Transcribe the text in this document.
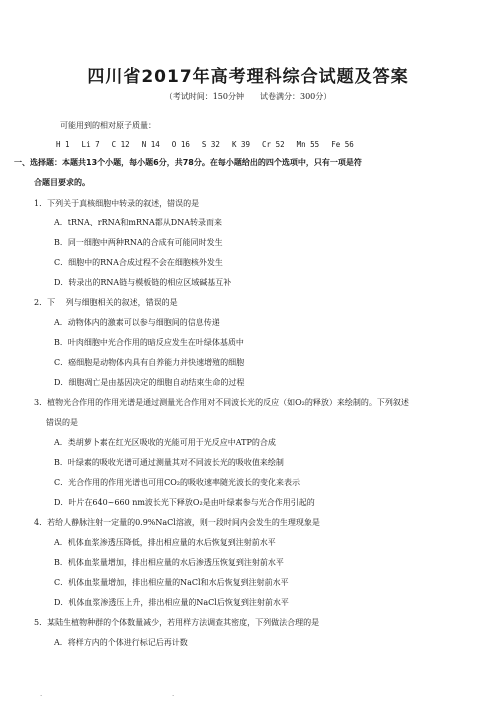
四川省2017年高考理科综合试题及答案
（考试时间：150分钟　　试卷满分：300分）
可能用到的相对原子质量：
H 1　 Li 7　 C 12　 N 14　 O 16　 S 32　 K 39　 Cr 52　 Mn 55　 Fe 56
一、选择题：本题共13个小题，每小题6分，共78分。在每小题给出的四个选项中，只有一项是符
合题目要求的。
1．下列关于真核细胞中转录的叙述，错误的是
A．tRNA、rRNA和mRNA都从DNA转录而来
B．同一细胞中两种RNA的合成有可能同时发生
C．细胞中的RNA合成过程不会在细胞核外发生
D．转录出的RNA链与模板链的相应区域碱基互补
2．下　 列与细胞相关的叙述，错误的是
A．动物体内的激素可以参与细胞间的信息传递
B．叶肉细胞中光合作用的暗反应发生在叶绿体基质中
C．癌细胞是动物体内具有自养能力并快速增殖的细胞
D．细胞凋亡是由基因决定的细胞自动结束生命的过程
3．植物光合作用的作用光谱是通过测量光合作用对不同波长光的反应（如O₂的释放）来绘制的。下列叙述
错误的是
A．类胡萝卜素在红光区吸收的光能可用于光反应中ATP的合成
B．叶绿素的吸收光谱可通过测量其对不同波长光的吸收值来绘制
C．光合作用的作用光谱也可用CO₂的吸收速率随光波长的变化来表示
D．叶片在640~660 nm波长光下释放O₂是由叶绿素参与光合作用引起的
4．若给人静脉注射一定量的0.9%NaCl溶液，则一段时间内会发生的生理现象是
A．机体血浆渗透压降低，排出相应量的水后恢复到注射前水平
B．机体血浆量增加，排出相应量的水后渗透压恢复到注射前水平
C．机体血浆量增加，排出相应量的NaCl和水后恢复到注射前水平
D．机体血浆渗透压上升，排出相应量的NaCl后恢复到注射前水平
5．某陆生植物种群的个体数量减少，若用样方法调查其密度，下列做法合理的是
A．将样方内的个体进行标记后再计数
.	.
